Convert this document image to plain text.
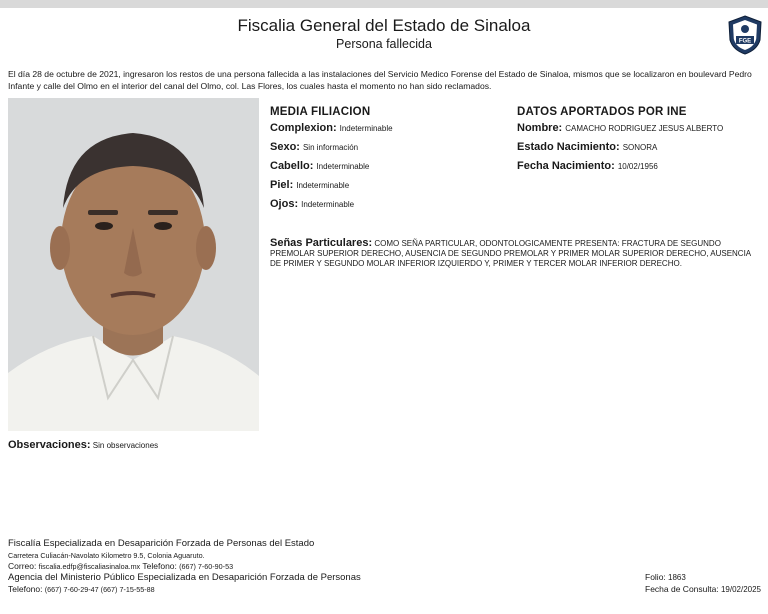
Fiscalia General del Estado de Sinaloa
Persona fallecida	FGE
El día 28 de octubre de 2021, ingresaron los restos de una persona fallecida a las instalaciones del Servicio Medico Forense del Estado de Sinaloa, mismos que se localizaron en boulevard Pedro Infante y calle del Olmo en el interior del canal del Olmo, col. Las Flores, los cuales hasta el momento no han sido reclamados.
MEDIA FILIACION
Complexion: Indeterminable
Sexo: Sin información
Cabello: Indeterminable
Piel: Indeterminable
Ojos: Indeterminable
DATOS APORTADOS POR INE
Nombre: CAMACHO RODRIGUEZ JESUS ALBERTO
Estado Nacimiento: SONORA
Fecha Nacimiento: 10/02/1956
Señas Particulares: COMO SEÑA PARTICULAR, ODONTOLOGICAMENTE PRESENTA: FRACTURA DE SEGUNDO PREMOLAR SUPERIOR DERECHO, AUSENCIA DE SEGUNDO PREMOLAR Y PRIMER MOLAR SUPERIOR DERECHO, AUSENCIA DE PRIMER Y SEGUNDO MOLAR INFERIOR IZQUIERDO Y, PRIMER Y TERCER MOLAR INFERIOR DERECHO.
Observaciones: Sin observaciones
Fiscalía Especializada en Desaparición Forzada de Personas del Estado
Carretera Culiacán-Navolato Kilometro 9.5, Colonia Aguaruto.
Correo: fiscalia.edfp@fiscaliasinaloa.mx Telefono: (667) 7-60-90-53
Agencia del Ministerio Público Especializada en Desaparición Forzada de Personas
Telefono: (667) 7-60-29-47 (667) 7-15-55-88
Folio: 1863
Fecha de Consulta: 19/02/2025
